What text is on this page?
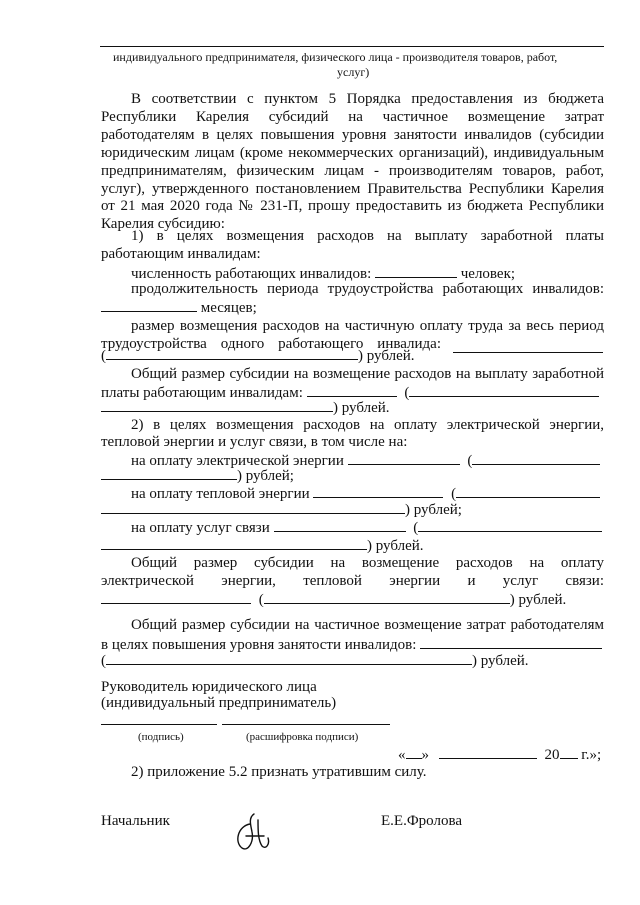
индивидуального предпринимателя, физического лица - производителя товаров, работ,
услуг)
В соответствии с пунктом 5 Порядка предоставления из бюджета
Республики Карелия субсидий на частичное возмещение затрат
работодателям в целях повышения уровня занятости инвалидов (субсидии
юридическим лицам (кроме некоммерческих организаций), индивидуальным
предпринимателям, физическим лицам - производителям товаров, работ,
услуг), утвержденного постановлением Правительства Республики Карелия
от 21 мая 2020 года № 231-П, прошу предоставить из бюджета Республики
Карелия субсидию:
1) в целях возмещения расходов на выплату заработной платы
работающим инвалидам:
численность работающих инвалидов:	человек;
продолжительность периода трудоустройства работающих инвалидов:
месяцев;
размер возмещения расходов на частичную оплату труда за весь период
трудоустройства одного работающего инвалида:
(	) рублей.
Общий размер субсидии на возмещение расходов на выплату заработной
платы работающим инвалидам:	(
) рублей.
2) в целях возмещения расходов на оплату электрической энергии,
тепловой энергии и услуг связи, в том числе на:
на оплату электрической энергии	(
) рублей;
на оплату тепловой энергии	(
) рублей;
на оплату услуг связи	(
) рублей.
Общий размер субсидии на возмещение расходов на оплату
электрической энергии, тепловой энергии и услуг связи:
(	) рублей.
Общий размер субсидии на частичное возмещение затрат работодателям
в целях повышения уровня занятости инвалидов:
(	) рублей.
Руководитель юридического лица
(индивидуальный предприниматель)
(подпись)	(расшифровка подписи)
« »	20 г.»;
2) приложение 5.2 признать утратившим силу.
Начальник	Е.Е.Фролова
